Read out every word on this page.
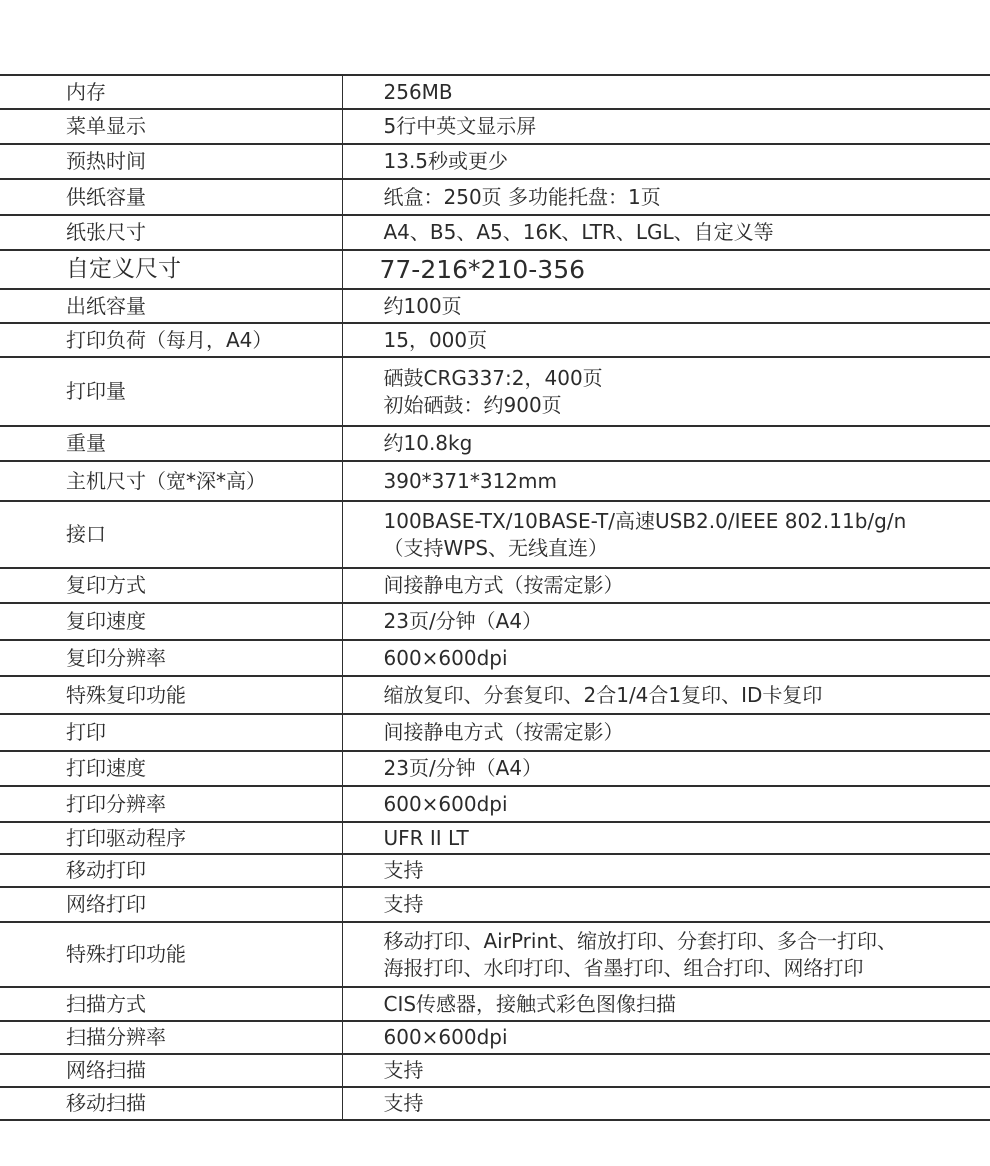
内存	256MB

菜单显示	5行中英文显示屏

预热时间	13.5秒或更少

供纸容量	纸盒：250页 多功能托盘：1页

纸张尺寸	A4、B5、A5、16K、LTR、LGL、自定义等

自定义尺寸	77-216*210-356

出纸容量	约100页

打印负荷（每月，A4）	15，000页

打印量	硒鼓CRG337:2，400页
初始硒鼓：约900页

重量	约10.8kg

主机尺寸（宽*深*高）	390*371*312mm

接口	100BASE-TX/10BASE-T/高速USB2.0/IEEE 802.11b/g/n
（支持WPS、无线直连）

复印方式	间接静电方式（按需定影）

复印速度	23页/分钟（A4）

复印分辨率	600×600dpi

特殊复印功能	缩放复印、分套复印、2合1/4合1复印、ID卡复印

打印	间接静电方式（按需定影）

打印速度	23页/分钟（A4）

打印分辨率	600×600dpi

打印驱动程序	UFR II LT

移动打印	支持

网络打印	支持

特殊打印功能	移动打印、AirPrint、缩放打印、分套打印、多合一打印、
海报打印、水印打印、省墨打印、组合打印、网络打印

扫描方式	CIS传感器，接触式彩色图像扫描

扫描分辨率	600×600dpi

网络扫描	支持

移动扫描	支持
